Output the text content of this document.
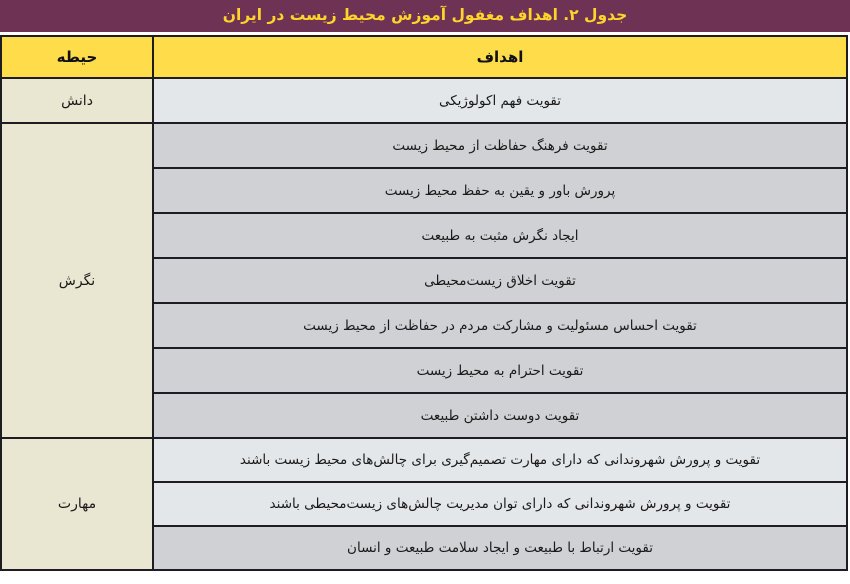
جدول ۲. اهداف مغفول آموزش محیط زیست در ایران
اهداف	حیطه
تقویت فهم اکولوژیکی	دانش
تقویت فرهنگ حفاظت از محیط زیست	نگرش
پرورش باور و یقین به حفظ محیط زیست	
ایجاد نگرش مثبت به طبیعت	
تقویت اخلاق زیست‌محیطی	
تقویت احساس مسئولیت و مشارکت مردم در حفاظت از محیط زیست	
تقویت احترام به محیط زیست	
تقویت دوست داشتن طبیعت	
تقویت و پرورش شهروندانی که دارای مهارت تصمیم‌گیری برای چالش‌های محیط زیست باشند	مهارت
تقویت و پرورش شهروندانی که دارای توان مدیریت چالش‌های زیست‌محیطی باشند	
تقویت ارتباط با طبیعت و ایجاد سلامت طبیعت و انسان	
